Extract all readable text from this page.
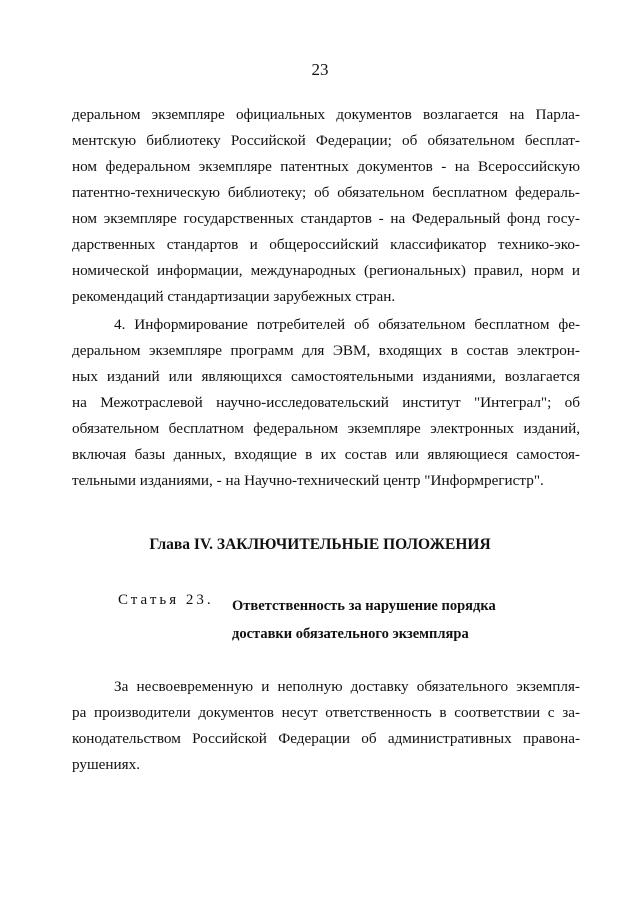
23
деральном экземпляре официальных документов возлагается на Парла-
ментскую библиотеку Российской Федерации; об обязательном бесплат-
ном федеральном экземпляре патентных документов - на Всероссийскую
патентно-техническую библиотеку; об обязательном бесплатном федераль-
ном экземпляре государственных стандартов - на Федеральный фонд госу-
дарственных стандартов и общероссийский классификатор технико-эко-
номической информации, международных (региональных) правил, норм и
рекомендаций стандартизации зарубежных стран.
4. Информирование потребителей об обязательном бесплатном фе-
деральном экземпляре программ для ЭВМ, входящих в состав электрон-
ных изданий или являющихся самостоятельными изданиями, возлагается
на Межотраслевой научно-исследовательский институт "Интеграл"; об
обязательном бесплатном федеральном экземпляре электронных изданий,
включая базы данных, входящие в их состав или являющиеся самостоя-
тельными изданиями, - на Научно-технический центр "Информрегистр".
Глава IV. ЗАКЛЮЧИТЕЛЬНЫЕ ПОЛОЖЕНИЯ
Статья 23. Ответственность за нарушение порядка
доставки обязательного экземпляра
За несвоевременную и неполную доставку обязательного экземпля-
ра производители документов несут ответственность в соответствии с за-
конодательством Российской Федерации об административных правона-
рушениях.
